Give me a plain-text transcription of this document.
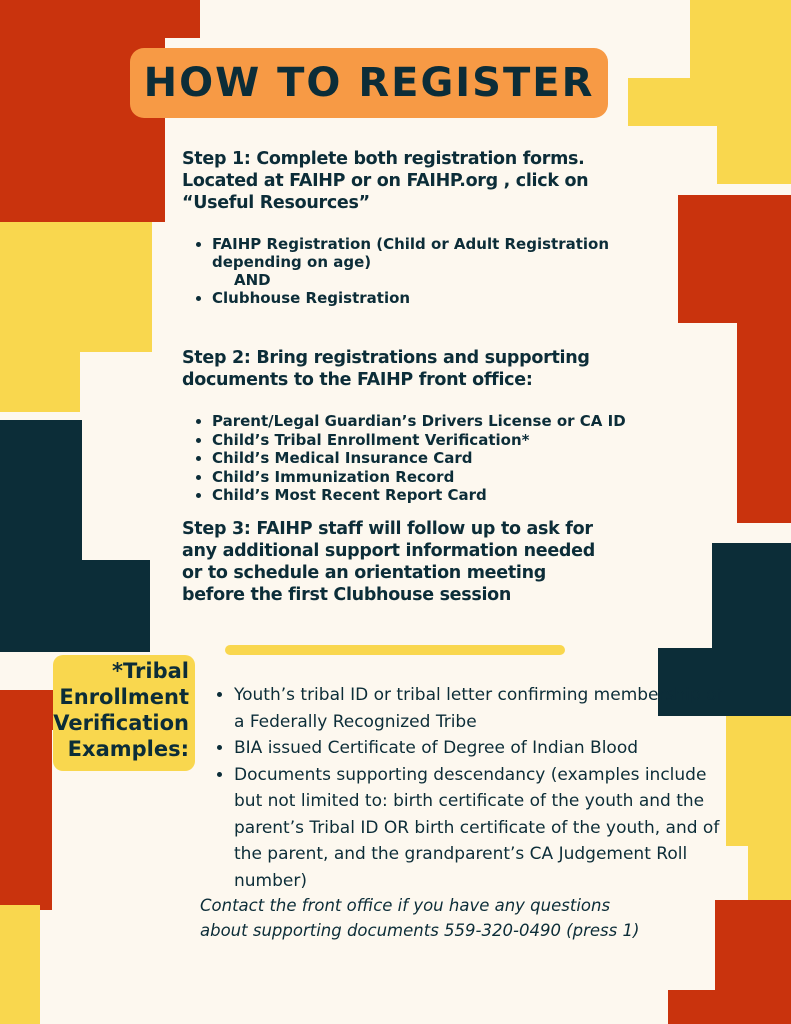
HOW TO REGISTER
Step 1: Complete both registration forms.
Located at FAIHP or on FAIHP.org , click on
“Useful Resources”
• FAIHP Registration (Child or Adult Registration
depending on age)
AND
• Clubhouse Registration
Step 2: Bring registrations and supporting
documents to the FAIHP front office:
• Parent/Legal Guardian’s Drivers License or CA ID
• Child’s Tribal Enrollment Verification*
• Child’s Medical Insurance Card
• Child’s Immunization Record
• Child’s Most Recent Report Card
Step 3: FAIHP staff will follow up to ask for
any additional support information needed
or to schedule an orientation meeting
before the first Clubhouse session
*Tribal
Enrollment
Verification
Examples:
• Youth’s tribal ID or tribal letter confirming membership of a Federally Recognized Tribe
• BIA issued Certificate of Degree of Indian Blood
• Documents supporting descendancy (examples include but not limited to: birth certificate of the youth and the parent’s Tribal ID OR birth certificate of the youth, and of the parent, and the grandparent’s CA Judgement Roll number)
Contact the front office if you have any questions
about supporting documents 559-320-0490 (press 1)
